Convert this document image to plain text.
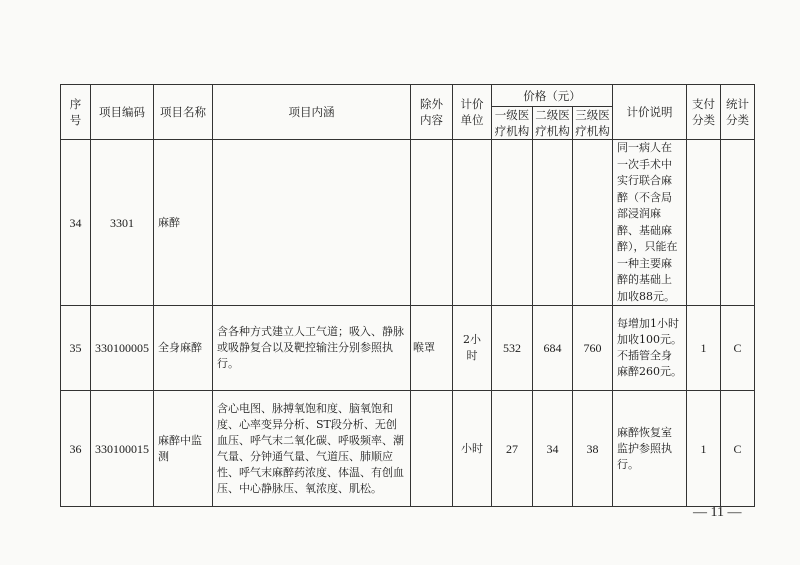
序号	项目编码	项目名称	项目内涵	除外内容	计价单位	价格（元）			计价说明	支付分类	统计分类
						一级医疗机构	二级医疗机构	三级医疗机构			
34	3301	麻醉							同一病人在一次手术中实行联合麻醉（不含局部浸润麻醉、基础麻醉），只能在一种主要麻醉的基础上加收88元。		
35	330100005	全身麻醉	含各种方式建立人工气道；吸入、静脉或吸静复合以及靶控输注分别参照执行。	喉罩	2小时	532	684	760	每增加1小时加收100元。不插管全身麻醉260元。	1	C
36	330100015	麻醉中监测	含心电图、脉搏氧饱和度、脑氧饱和度、心率变异分析、ST段分析、无创血压、呼气末二氧化碳、呼吸频率、潮气量、分钟通气量、气道压、肺顺应性、呼气末麻醉药浓度、体温、有创血压、中心静脉压、氧浓度、肌松。		小时	27	34	38	麻醉恢复室监护参照执行。	1	C
— 11 —
